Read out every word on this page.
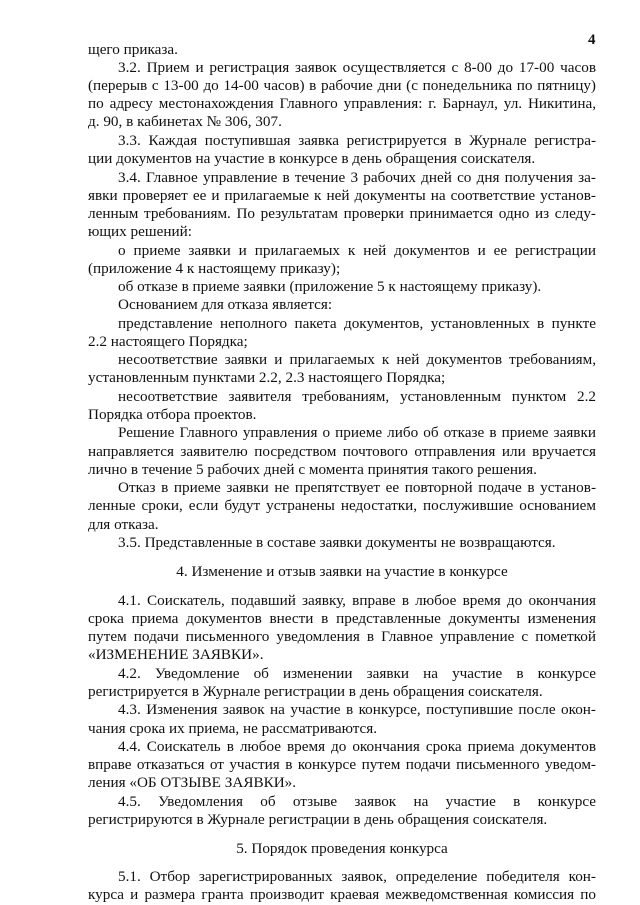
4
щего приказа.
3.2. Прием и регистрация заявок осуществляется с 8-00 до 17-00 часов
(перерыв с 13-00 до 14-00 часов) в рабочие дни (с понедельника по пятницу)
по адресу местонахождения Главного управления: г. Барнаул, ул. Никитина,
д. 90, в кабинетах № 306, 307.
3.3. Каждая поступившая заявка регистрируется в Журнале регистра-
ции документов на участие в конкурсе в день обращения соискателя.
3.4. Главное управление в течение 3 рабочих дней со дня получения за-
явки проверяет ее и прилагаемые к ней документы на соответствие установ-
ленным требованиям. По результатам проверки принимается одно из следу-
ющих решений:
о приеме заявки и прилагаемых к ней документов и ее регистрации
(приложение 4 к настоящему приказу);
об отказе в приеме заявки (приложение 5 к настоящему приказу).
Основанием для отказа является:
представление неполного пакета документов, установленных в пункте
2.2 настоящего Порядка;
несоответствие заявки и прилагаемых к ней документов требованиям,
установленным пунктами 2.2, 2.3 настоящего Порядка;
несоответствие заявителя требованиям, установленным пунктом 2.2
Порядка отбора проектов.
Решение Главного управления о приеме либо об отказе в приеме заявки
направляется заявителю посредством почтового отправления или вручается
лично в течение 5 рабочих дней с момента принятия такого решения.
Отказ в приеме заявки не препятствует ее повторной подаче в установ-
ленные сроки, если будут устранены недостатки, послужившие основанием
для отказа.
3.5. Представленные в составе заявки документы не возвращаются.
4. Изменение и отзыв заявки на участие в конкурсе
4.1. Соискатель, подавший заявку, вправе в любое время до окончания
срока приема документов внести в представленные документы изменения
путем подачи письменного уведомления в Главное управление с пометкой
«ИЗМЕНЕНИЕ ЗАЯВКИ».
4.2. Уведомление об изменении заявки на участие в конкурсе
регистрируется в Журнале регистрации в день обращения соискателя.
4.3. Изменения заявок на участие в конкурсе, поступившие после окон-
чания срока их приема, не рассматриваются.
4.4. Соискатель в любое время до окончания срока приема документов
вправе отказаться от участия в конкурсе путем подачи письменного уведом-
ления «ОБ ОТЗЫВЕ ЗАЯВКИ».
4.5. Уведомления об отзыве заявок на участие в конкурсе
регистрируются в Журнале регистрации в день обращения соискателя.
5. Порядок проведения конкурса
5.1. Отбор зарегистрированных заявок, определение победителя кон-
курса и размера гранта производит краевая межведомственная комиссия по
